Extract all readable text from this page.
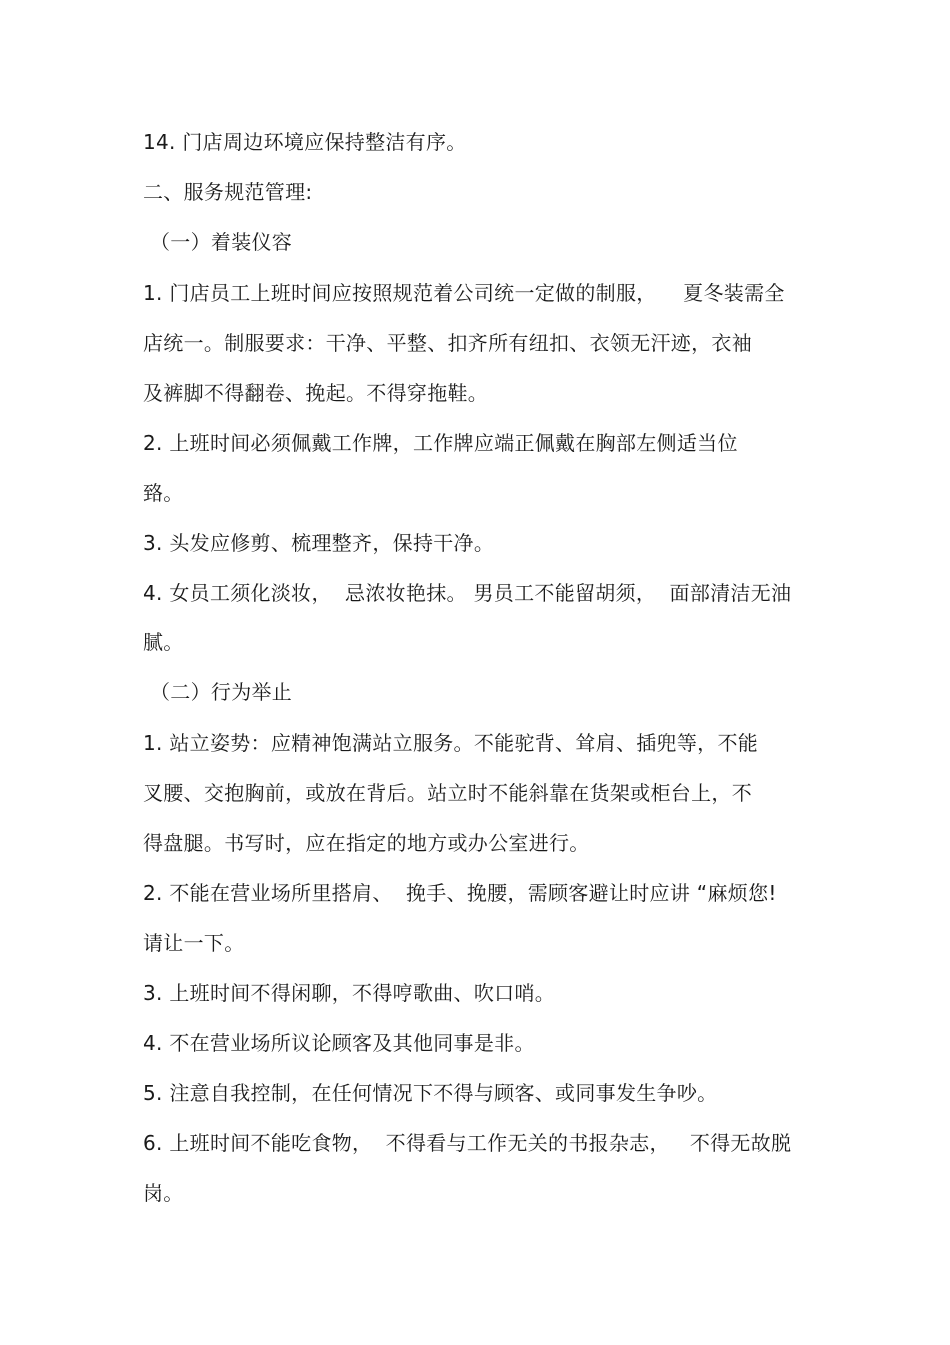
14. 门店周边环境应保持整洁有序。
二、服务规范管理:
（一）着装仪容
1. 门店员工上班时间应按照规范着公司统一定做的制服，    夏冬装需全
店统一。制服要求：干净、平整、扣齐所有纽扣、衣领无汗迹，衣袖
及裤脚不得翻卷、挽起。不得穿拖鞋。
2. 上班时间必须佩戴工作牌，工作牌应端正佩戴在胸部左侧适当位
臵。
3. 头发应修剪、梳理整齐，保持干净。
4. 女员工须化淡妆，  忌浓妆艳抹。 男员工不能留胡须，  面部清洁无油
腻。
（二）行为举止
1. 站立姿势：应精神饱满站立服务。不能驼背、耸肩、插兜等，不能
叉腰、交抱胸前，或放在背后。站立时不能斜靠在货架或柜台上，不
得盘腿。书写时，应在指定的地方或办公室进行。
2. 不能在营业场所里搭肩、  挽手、挽腰，需顾客避让时应讲 “麻烦您!
请让一下。
3. 上班时间不得闲聊，不得哼歌曲、吹口哨。
4. 不在营业场所议论顾客及其他同事是非。
5. 注意自我控制，在任何情况下不得与顾客、或同事发生争吵。
6. 上班时间不能吃食物，  不得看与工作无关的书报杂志，   不得无故脱
岗。
